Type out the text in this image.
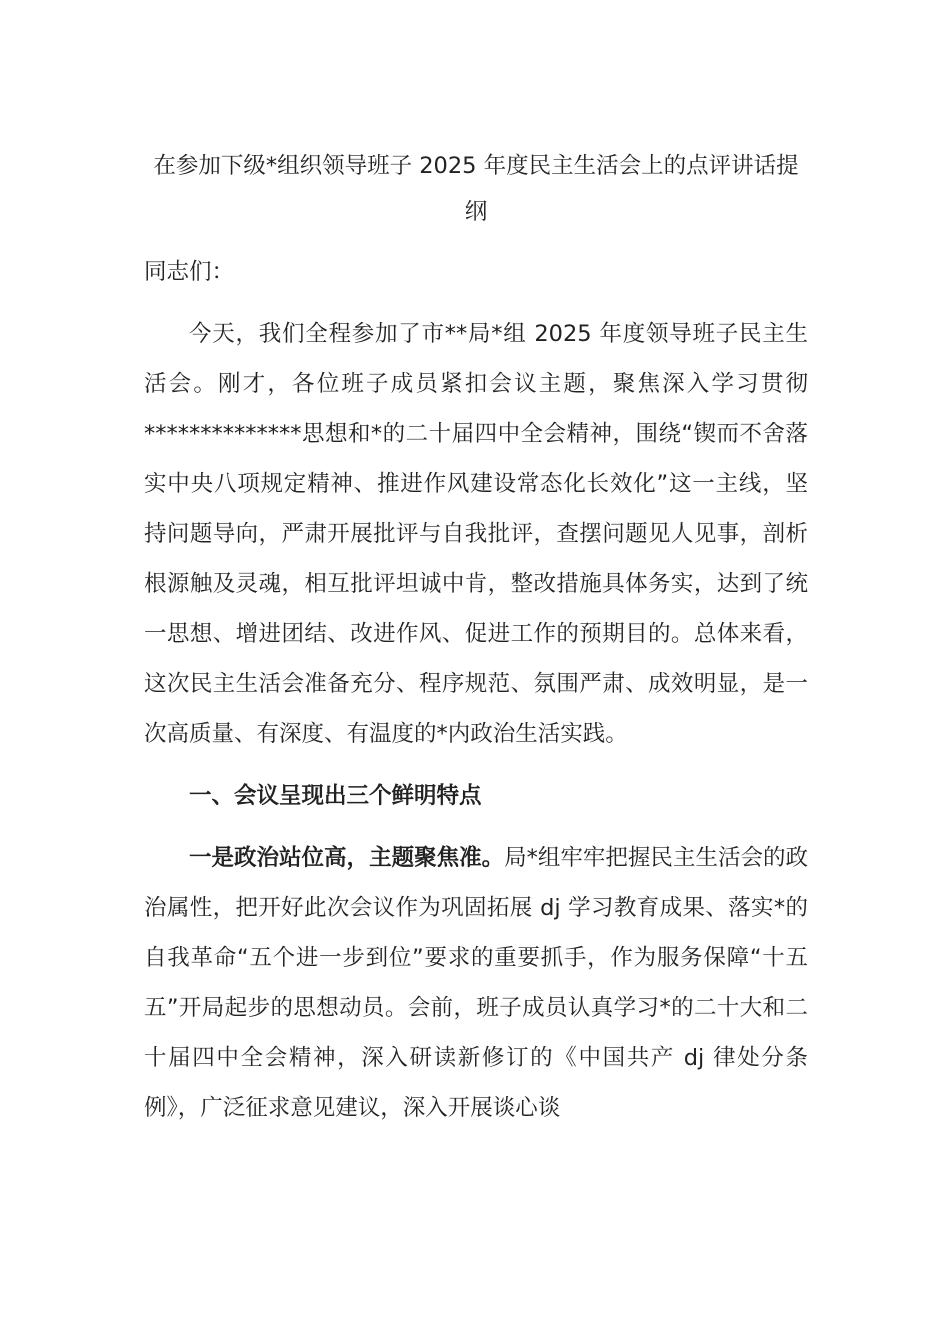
在参加下级*组织领导班子 2025 年度民主生活会上的点评讲话提纲

同志们：

今天，我们全程参加了市**局*组 2025 年度领导班子民主生活会。刚才，各位班子成员紧扣会议主题，聚焦深入学习贯彻**************思想和*的二十届四中全会精神，围绕“锲而不舍落实中央八项规定精神、推进作风建设常态化长效化”这一主线，坚持问题导向，严肃开展批评与自我批评，查摆问题见人见事，剖析根源触及灵魂，相互批评坦诚中肯，整改措施具体务实，达到了统一思想、增进团结、改进作风、促进工作的预期目的。总体来看，这次民主生活会准备充分、程序规范、氛围严肃、成效明显，是一次高质量、有深度、有温度的*内政治生活实践。

一、会议呈现出三个鲜明特点

一是政治站位高，主题聚焦准。局*组牢牢把握民主生活会的政治属性，把开好此次会议作为巩固拓展 dj 学习教育成果、落实*的自我革命“五个进一步到位”要求的重要抓手，作为服务保障“十五五”开局起步的思想动员。会前，班子成员认真学习*的二十大和二十届四中全会精神，深入研读新修订的《中国共产 dj 律处分条例》，广泛征求意见建议，深入开展谈心谈
